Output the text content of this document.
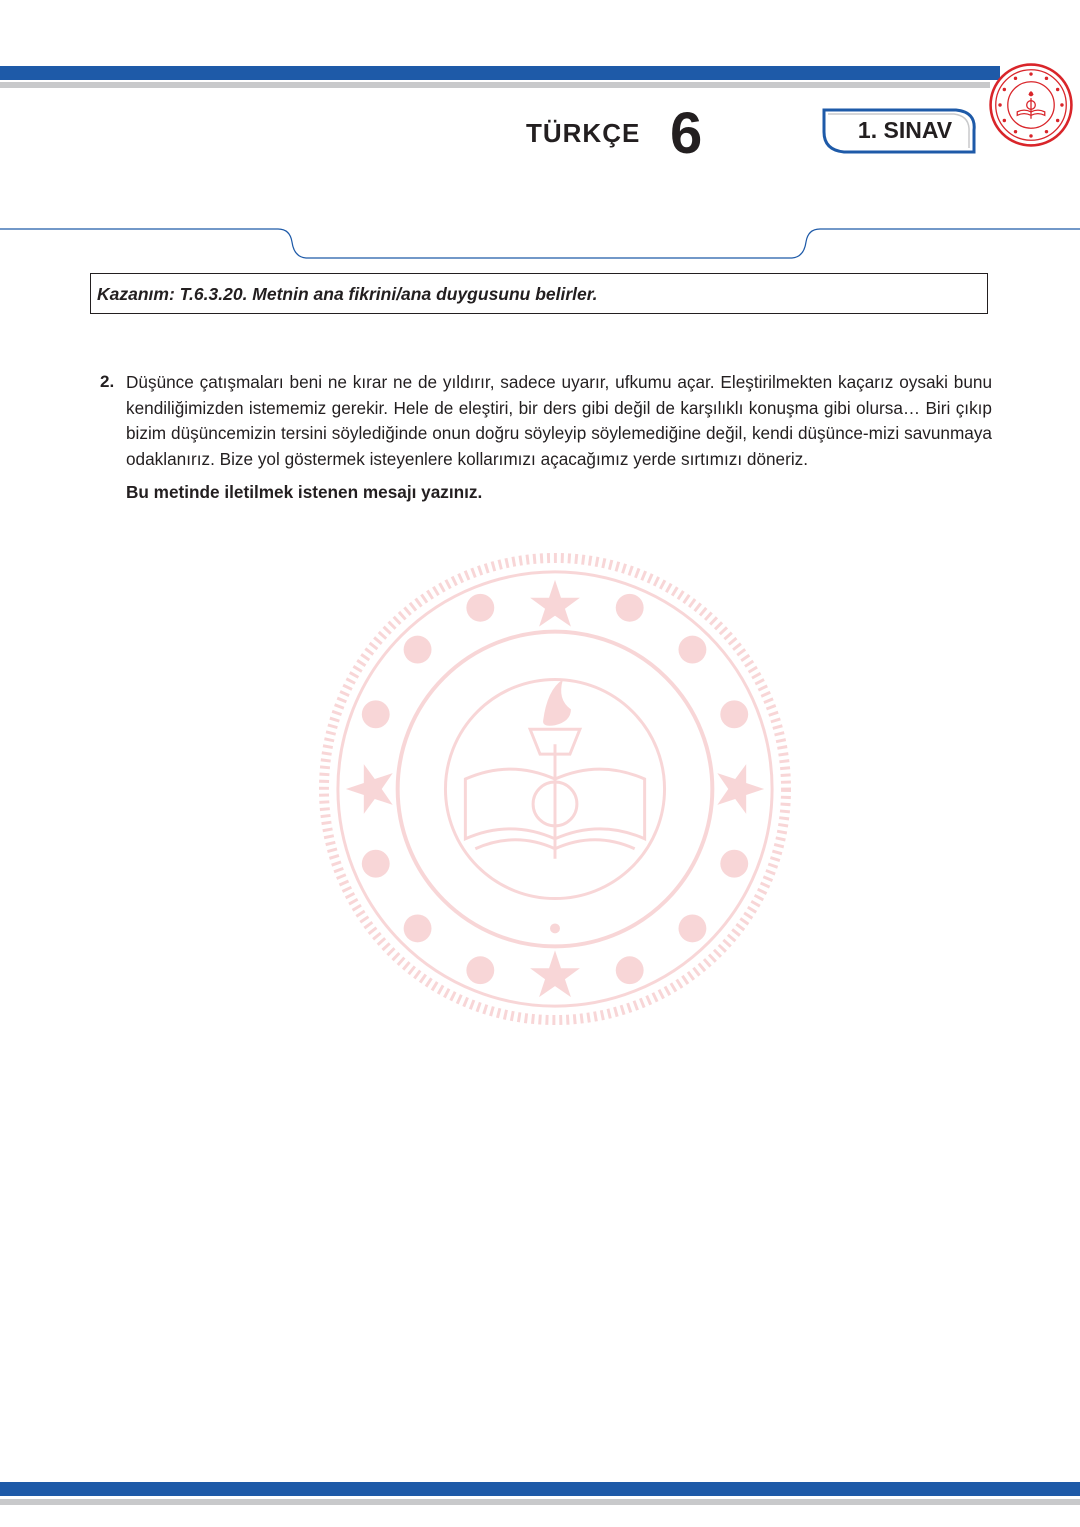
TÜRKÇE 6	1. SINAV
Kazanım: T.6.3.20. Metnin ana fikrini/ana duygusunu belirler.
2. Düşünce çatışmaları beni ne kırar ne de yıldırır, sadece uyarır, ufkumu açar. Eleştirilmekten kaçarız oysaki bunu kendiliğimizden istememiz gerekir. Hele de eleştiri, bir ders gibi değil de karşılıklı konuşma gibi olursa… Biri çıkıp bizim düşüncemizin tersini söylediğinde onun doğru söyleyip söylemediğine değil, kendi düşünce-mizi savunmaya odaklanırız. Bize yol göstermek isteyenlere kollarımızı açacağımız yerde sırtımızı döneriz.
Bu metinde iletilmek istenen mesajı yazınız.
